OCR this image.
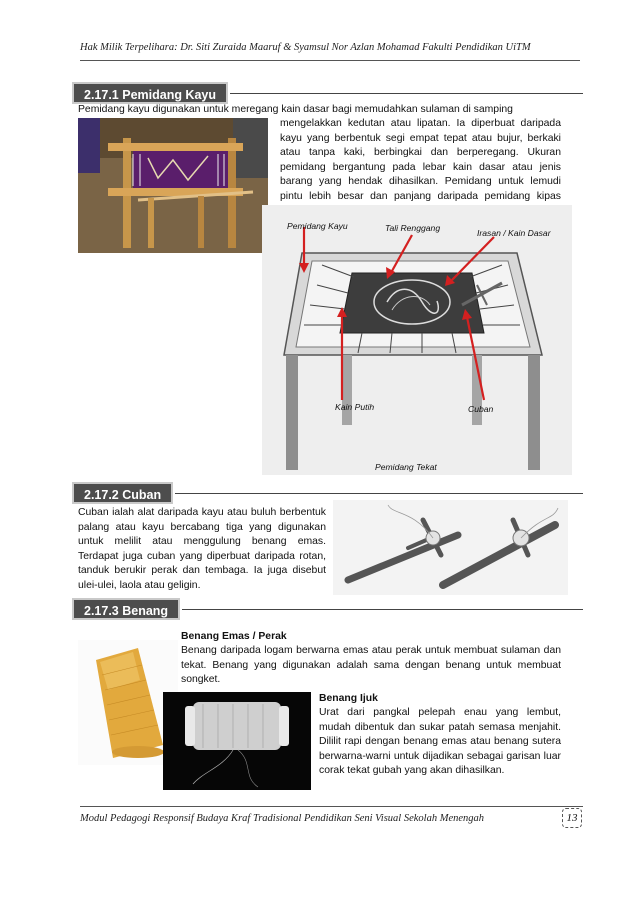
Hak Milik Terpelihara: Dr. Siti Zuraida Maaruf & Syamsul Nor Azlan Mohamad Fakulti Pendidikan UiTM
2.17.1 Pemidang Kayu
Pemidang kayu digunakan untuk meregang kain dasar bagi memudahkan sulaman di samping
mengelakkan kedutan atau lipatan. Ia diperbuat daripada kayu yang berbentuk segi empat tepat atau bujur, berkaki atau tanpa kaki, berbingkai dan berperegang. Ukuran pemidang bergantung pada lebar kain dasar atau jenis barang yang hendak dihasilkan. Pemidang untuk lemudi pintu lebih besar dan panjang daripada pemidang kipas
Pemidang Kayu	Tali Renggang	Irasan / Kain Dasar
Kain Putih	Cuban
Pemidang Tekat
2.17.2 Cuban
Cuban ialah alat daripada kayu atau buluh berbentuk palang atau kayu bercabang tiga yang digunakan untuk melilit atau menggulung benang emas. Terdapat juga cuban yang diperbuat daripada rotan, tanduk berukir perak dan tembaga. Ia juga disebut ulei-ulei, laola atau geligin.
2.17.3 Benang
Benang Emas / Perak
Benang daripada logam berwarna emas atau perak untuk membuat sulaman dan tekat. Benang yang digunakan adalah sama dengan benang untuk membuat songket.
Benang Ijuk
Urat dari pangkal pelepah enau yang lembut, mudah dibentuk dan sukar patah semasa menjahit. Dililit rapi dengan benang emas atau benang sutera berwarna-warni untuk dijadikan sebagai garisan luar corak tekat gubah yang akan dihasilkan.
Modul Pedagogi Responsif Budaya Kraf Tradisional Pendidikan Seni Visual Sekolah Menengah	13
